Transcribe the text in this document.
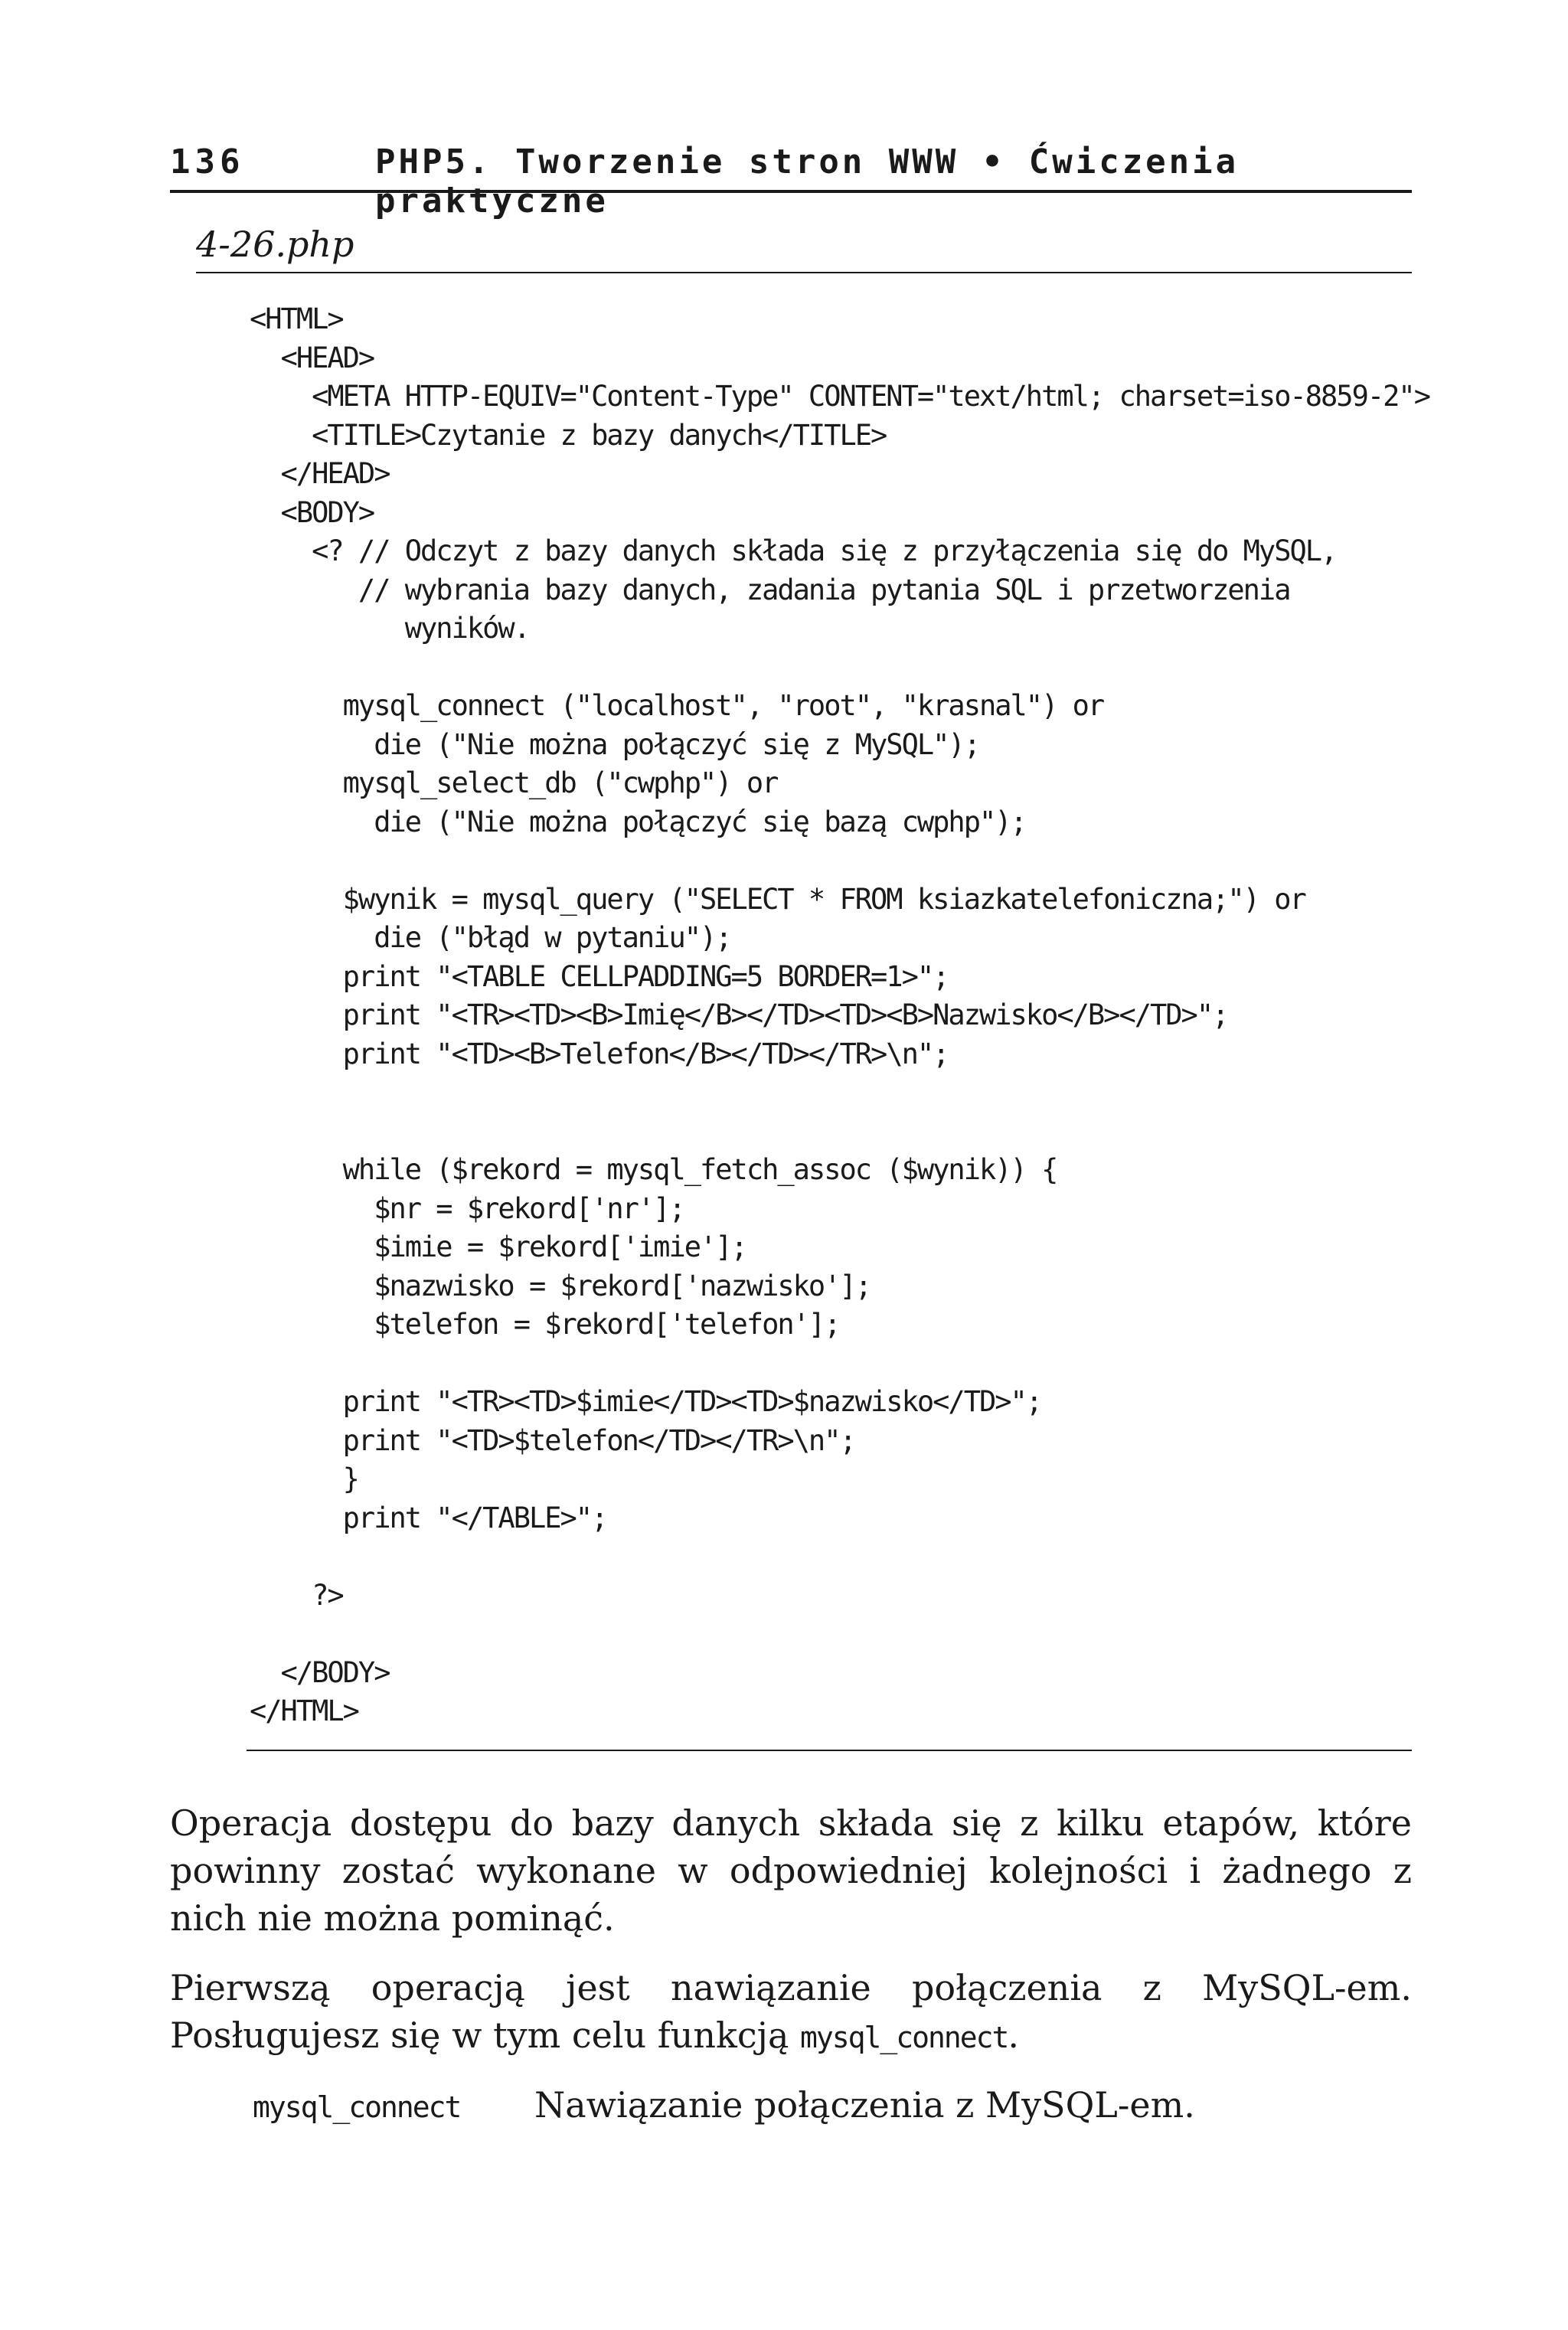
136	PHP5. Tworzenie stron WWW • Ćwiczenia praktyczne
4-26.php
<HTML>
<HEAD>
<META HTTP-EQUIV="Content-Type" CONTENT="text/html; charset=iso-8859-2">
<TITLE>Czytanie z bazy danych</TITLE>
</HEAD>
<BODY>
<? // Odczyt z bazy danych składa się z przyłączenia się do MySQL,
// wybrania bazy danych, zadania pytania SQL i przetworzenia
wyników.
mysql_connect ("localhost", "root", "krasnal") or
die ("Nie można połączyć się z MySQL");
mysql_select_db ("cwphp") or
die ("Nie można połączyć się bazą cwphp");
$wynik = mysql_query ("SELECT * FROM ksiazkatelefoniczna;") or
die ("błąd w pytaniu");
print "<TABLE CELLPADDING=5 BORDER=1>";
print "<TR><TD><B>Imię</B></TD><TD><B>Nazwisko</B></TD>";
print "<TD><B>Telefon</B></TD></TR>\n";
while ($rekord = mysql_fetch_assoc ($wynik)) {
$nr = $rekord['nr'];
$imie = $rekord['imie'];
$nazwisko = $rekord['nazwisko'];
$telefon = $rekord['telefon'];
print "<TR><TD>$imie</TD><TD>$nazwisko</TD>";
print "<TD>$telefon</TD></TR>\n";
}
print "</TABLE>";
?>
</BODY>
</HTML>

Operacja dostępu do bazy danych składa się z kilku etapów, które powinny zostać wykonane w odpowiedniej kolejności i żadnego z nich nie można pominąć.

Pierwszą operacją jest nawiązanie połączenia z MySQL-em. Posługujesz się w tym celu funkcją mysql_connect.

mysql_connect Nawiązanie połączenia z MySQL-em.
